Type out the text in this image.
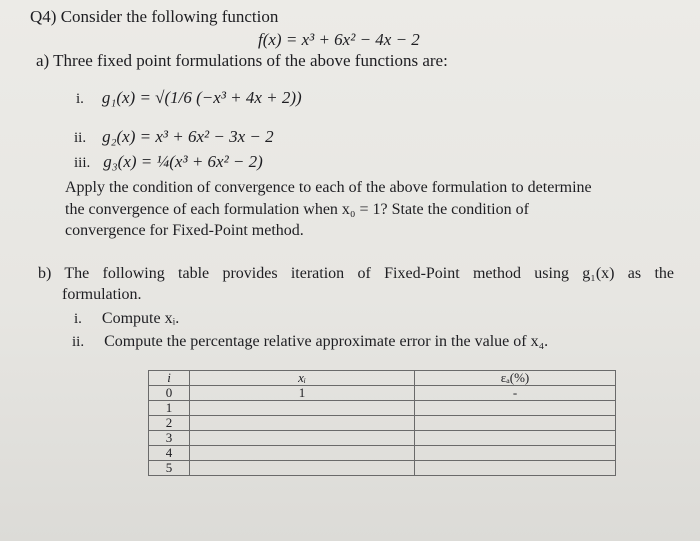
Q4) Consider the following function
f(x) = x³ + 6x² − 4x − 2
a) Three fixed point formulations of the above functions are:
i. g₁(x) = √(1/6 (−x³ + 4x + 2))
ii. g₂(x) = x³ + 6x² − 3x − 2
iii. g₃(x) = ¼(x³ + 6x² − 2)
Apply the condition of convergence to each of the above formulation to determine
the convergence of each formulation when x₀ = 1? State the condition of
convergence for Fixed-Point method.
b) The following table provides iteration of Fixed-Point method using g₁(x) as the
formulation.
i. Compute xᵢ.
ii. Compute the percentage relative approximate error in the value of x₄.
i	xᵢ	εₐ(%)
0	1	-
1		
2		
3		
4		
5		
